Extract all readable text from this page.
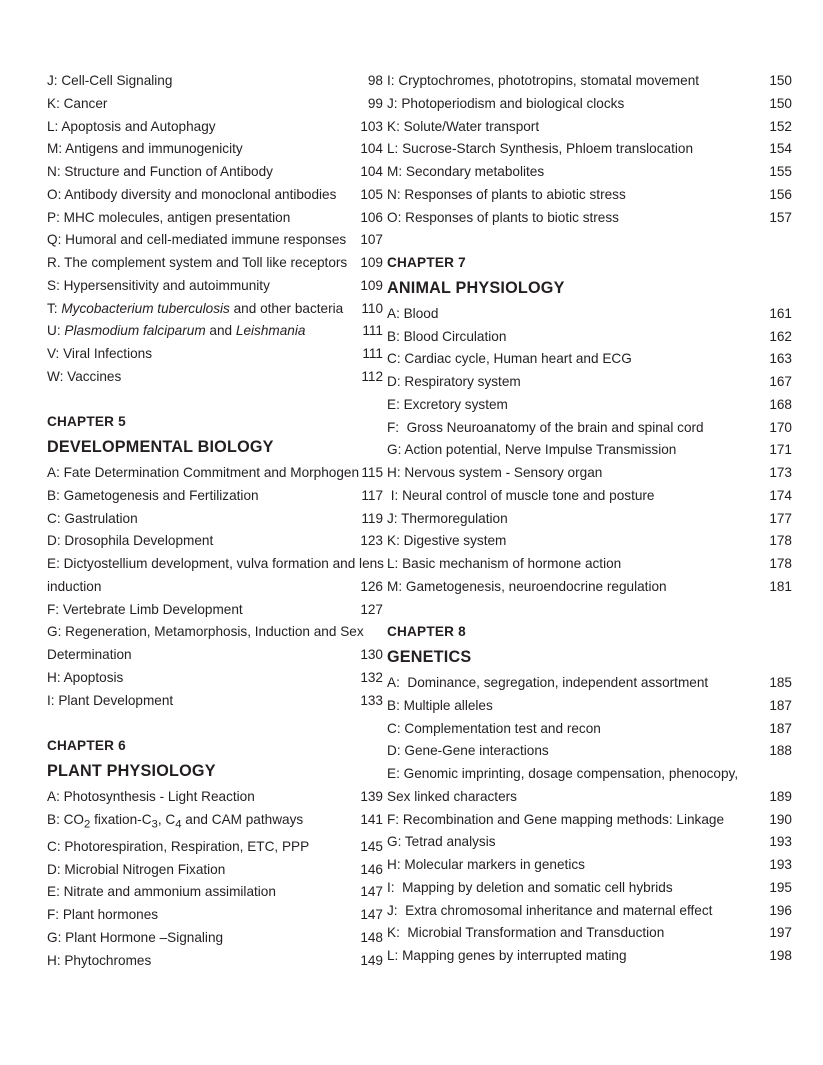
J: Cell-Cell Signaling	98
K: Cancer	99
L: Apoptosis and Autophagy	103
M: Antigens and immunogenicity	104
N: Structure and Function of Antibody	104
O: Antibody diversity and monoclonal antibodies	105
P: MHC molecules, antigen presentation	106
Q: Humoral and cell-mediated immune responses	107
R. The complement system and Toll like receptors 109
S: Hypersensitivity and autoimmunity	109
T: Mycobacterium tuberculosis and other bacteria	110
U: Plasmodium falciparum and Leishmania	111
V: Viral Infections	111
W: Vaccines	112
CHAPTER 5
DEVELOPMENTAL BIOLOGY
A: Fate Determination Commitment and Morphogen 115
B: Gametogenesis and Fertilization	117
C: Gastrulation	119
D: Drosophila Development	123
E: Dictyostellium development, vulva formation and lens
induction	126
F: Vertebrate Limb Development	127
G: Regeneration, Metamorphosis, Induction and Sex
Determination	130
H: Apoptosis	132
I: Plant Development	133
CHAPTER 6
PLANT PHYSIOLOGY
A: Photosynthesis - Light Reaction	139
B: $CO_2$ fixation-$C_3$, $C_4$ and CAM pathways	141
C: Photorespiration, Respiration, ETC, PPP	145
D: Microbial Nitrogen Fixation	146
E: Nitrate and ammonium assimilation	147
F: Plant hormones	147
G: Plant Hormone –Signaling	148
H: Phytochromes	149
I: Cryptochromes, phototropins, stomatal movement	150
J: Photoperiodism and biological clocks	150
K: Solute/Water transport	152
L: Sucrose-Starch Synthesis, Phloem translocation	154
M: Secondary metabolites	155
N: Responses of plants to abiotic stress	156
O: Responses of plants to biotic stress	157
CHAPTER 7
ANIMAL PHYSIOLOGY
A: Blood	161
B: Blood Circulation	162
C: Cardiac cycle, Human heart and ECG	163
D: Respiratory system	167
E: Excretory system	168
F:  Gross Neuroanatomy of the brain and spinal cord	170
G: Action potential, Nerve Impulse Transmission	171
H: Nervous system - Sensory organ	173
I: Neural control of muscle tone and posture	174
J: Thermoregulation	177
K: Digestive system	178
L: Basic mechanism of hormone action	178
M: Gametogenesis, neuroendocrine regulation	181
CHAPTER 8
GENETICS
A:  Dominance, segregation, independent assortment	185
B: Multiple alleles	187
C: Complementation test and recon	187
D: Gene-Gene interactions	188
E: Genomic imprinting, dosage compensation, phenocopy,
Sex linked characters	189
F: Recombination and Gene mapping methods: Linkage	190
G: Tetrad analysis	193
H: Molecular markers in genetics	193
I:  Mapping by deletion and somatic cell hybrids	195
J:  Extra chromosomal inheritance and maternal effect	196
K:  Microbial Transformation and Transduction	197
L: Mapping genes by interrupted mating	198
